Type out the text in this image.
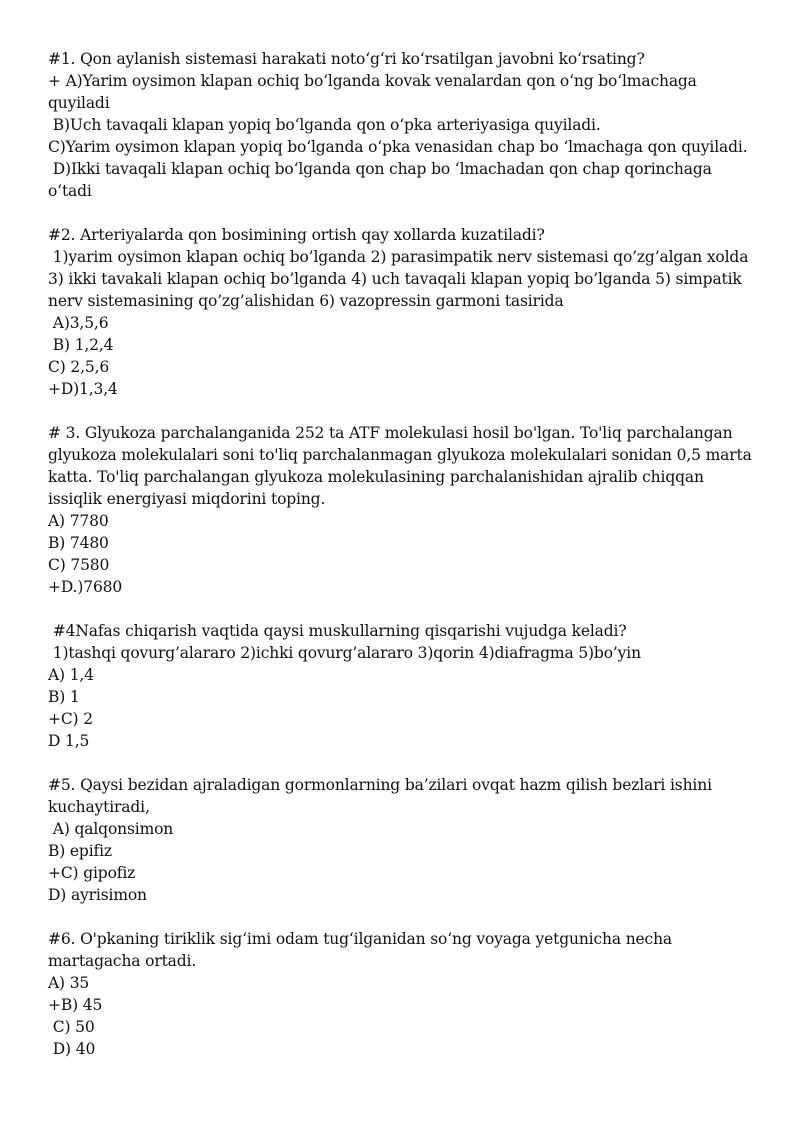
#1. Qon aylanish sistemasi harakati noto‘g‘ri ko‘rsatilgan javobni ko‘rsating?
+ A)Yarim oysimon klapan ochiq bo‘lganda kovak venalardan qon o‘ng bo‘lmachaga quyiladi
B)Uch tavaqali klapan yopiq bo‘lganda qon o‘pka arteriyasiga quyiladi.
C)Yarim oysimon klapan yopiq bo‘lganda o‘pka venasidan chap bo ‘lmachaga qon quyiladi.
D)Ikki tavaqali klapan ochiq bo‘lganda qon chap bo ‘lmachadan qon chap qorinchaga o‘tadi
#2. Arteriyalarda qon bosimining ortish qay xollarda kuzatiladi?
1)yarim oysimon klapan ochiq bo’lganda 2) parasimpatik nerv sistemasi qo’zg’algan xolda 3) ikki tavakali klapan ochiq bo’lganda 4) uch tavaqali klapan yopiq bo’lganda 5) simpatik nerv sistemasining qo’zg’alishidan 6) vazopressin garmoni tasirida
A)3,5,6
B) 1,2,4
C) 2,5,6
+D)1,3,4
# 3. Glyukoza parchalanganida 252 ta ATF molekulasi hosil bo'lgan. To'liq parchalangan glyukoza molekulalari soni to'liq parchalanmagan glyukoza molekulalari sonidan 0,5 marta katta. To'liq parchalangan glyukoza molekulasining parchalanishidan ajralib chiqqan issiqlik energiyasi miqdorini toping.
A) 7780
B) 7480
C) 7580
+D.)7680
#4Nafas chiqarish vaqtida qaysi muskullarning qisqarishi vujudga keladi?
1)tashqi qovurg’alararo 2)ichki qovurg’alararo 3)qorin 4)diafragma 5)bo’yin
A) 1,4
B) 1
+C) 2
D 1,5
#5. Qaysi bezidan ajraladigan gormonlarning ba’zilari ovqat hazm qilish bezlari ishini kuchaytiradi,
A) qalqonsimon
B) epifiz
+C) gipofiz
D) ayrisimon
#6. O'pkaning tiriklik sig‘imi odam tug‘ilganidan so‘ng voyaga yetgunicha necha martagacha ortadi.
A) 35
+B) 45
C) 50
D) 40
